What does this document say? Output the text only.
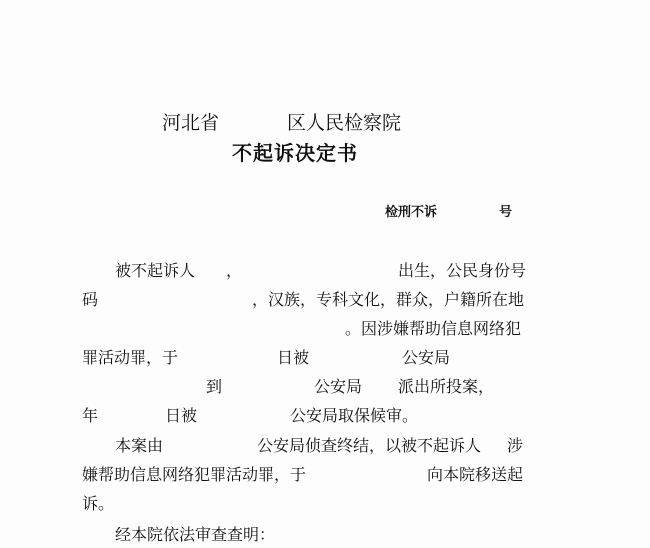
河北省	区人民检察院
不起诉决定书
检刑不诉	号
被不起诉人 ，	出生，公民身份号
码	，汉族，专科文化，群众，户籍所在地
。因涉嫌帮助信息网络犯
罪活动罪，于	日被	公安局
到	公安局 派出所投案，
年	日被	公安局取保候审。
本案由	公安局侦查终结，以被不起诉人 涉
嫌帮助信息网络犯罪活动罪，于	向本院移送起
诉。
经本院依法审查查明：
